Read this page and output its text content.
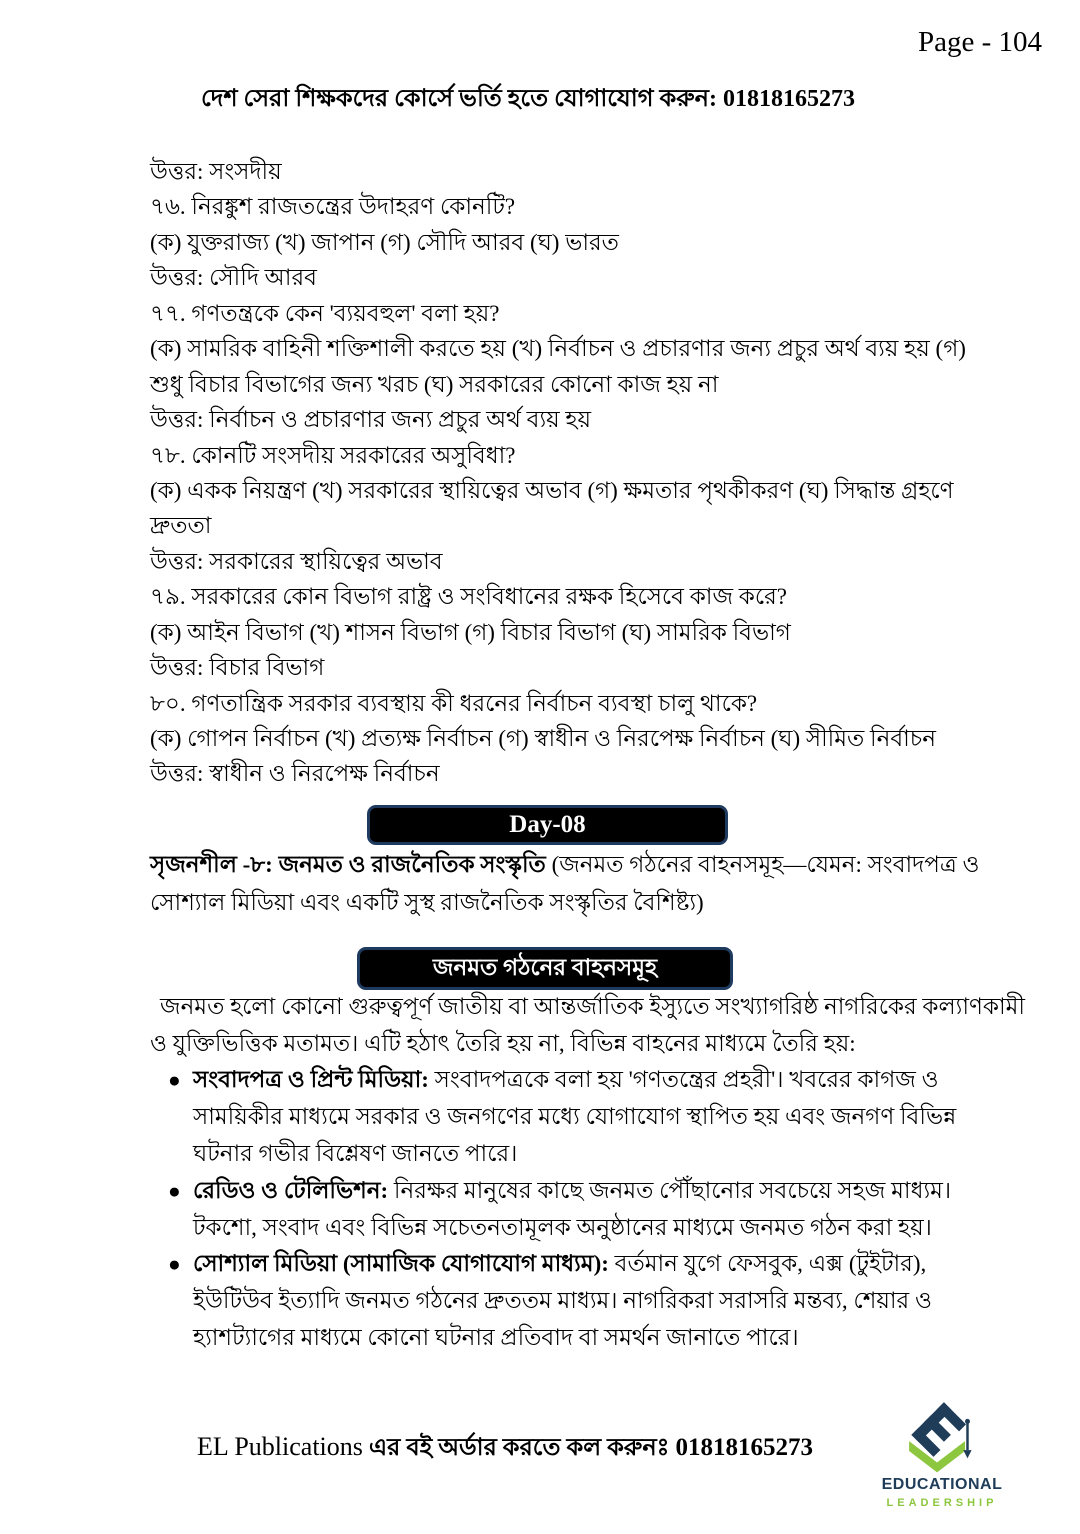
Page - 104
দেশ সেরা শিক্ষকদের কোর্সে ভর্তি হতে যোগাযোগ করুন: 01818165273
উত্তর: সংসদীয়
৭৬. নিরঙ্কুশ রাজতন্ত্রের উদাহরণ কোনটি?
(ক) যুক্তরাজ্য (খ) জাপান (গ) সৌদি আরব (ঘ) ভারত
উত্তর: সৌদি আরব
৭৭. গণতন্ত্রকে কেন 'ব্যয়বহুল' বলা হয়?
(ক) সামরিক বাহিনী শক্তিশালী করতে হয় (খ) নির্বাচন ও প্রচারণার জন্য প্রচুর অর্থ ব্যয় হয় (গ)
শুধু বিচার বিভাগের জন্য খরচ (ঘ) সরকারের কোনো কাজ হয় না
উত্তর: নির্বাচন ও প্রচারণার জন্য প্রচুর অর্থ ব্যয় হয়
৭৮. কোনটি সংসদীয় সরকারের অসুবিধা?
(ক) একক নিয়ন্ত্রণ (খ) সরকারের স্থায়িত্বের অভাব (গ) ক্ষমতার পৃথকীকরণ (ঘ) সিদ্ধান্ত গ্রহণে
দ্রুততা
উত্তর: সরকারের স্থায়িত্বের অভাব
৭৯. সরকারের কোন বিভাগ রাষ্ট্র ও সংবিধানের রক্ষক হিসেবে কাজ করে?
(ক) আইন বিভাগ (খ) শাসন বিভাগ (গ) বিচার বিভাগ (ঘ) সামরিক বিভাগ
উত্তর: বিচার বিভাগ
৮০. গণতান্ত্রিক সরকার ব্যবস্থায় কী ধরনের নির্বাচন ব্যবস্থা চালু থাকে?
(ক) গোপন নির্বাচন (খ) প্রত্যক্ষ নির্বাচন (গ) স্বাধীন ও নিরপেক্ষ নির্বাচন (ঘ) সীমিত নির্বাচন
উত্তর: স্বাধীন ও নিরপেক্ষ নির্বাচন
Day-08
সৃজনশীল -৮: জনমত ও রাজনৈতিক সংস্কৃতি (জনমত গঠনের বাহনসমূহ—যেমন: সংবাদপত্র ও
সোশ্যাল মিডিয়া এবং একটি সুস্থ রাজনৈতিক সংস্কৃতির বৈশিষ্ট্য)
জনমত গঠনের বাহনসমূহ
জনমত হলো কোনো গুরুত্বপূর্ণ জাতীয় বা আন্তর্জাতিক ইস্যুতে সংখ্যাগরিষ্ঠ নাগরিকের কল্যাণকামী
ও যুক্তিভিত্তিক মতামত। এটি হঠাৎ তৈরি হয় না, বিভিন্ন বাহনের মাধ্যমে তৈরি হয়:
● সংবাদপত্র ও প্রিন্ট মিডিয়া: সংবাদপত্রকে বলা হয় 'গণতন্ত্রের প্রহরী'। খবরের কাগজ ও
সাময়িকীর মাধ্যমে সরকার ও জনগণের মধ্যে যোগাযোগ স্থাপিত হয় এবং জনগণ বিভিন্ন
ঘটনার গভীর বিশ্লেষণ জানতে পারে।
● রেডিও ও টেলিভিশন: নিরক্ষর মানুষের কাছে জনমত পৌঁছানোর সবচেয়ে সহজ মাধ্যম।
টকশো, সংবাদ এবং বিভিন্ন সচেতনতামূলক অনুষ্ঠানের মাধ্যমে জনমত গঠন করা হয়।
● সোশ্যাল মিডিয়া (সামাজিক যোগাযোগ মাধ্যম): বর্তমান যুগে ফেসবুক, এক্স (টুইটার),
ইউটিউব ইত্যাদি জনমত গঠনের দ্রুততম মাধ্যম। নাগরিকরা সরাসরি মন্তব্য, শেয়ার ও
হ্যাশট্যাগের মাধ্যমে কোনো ঘটনার প্রতিবাদ বা সমর্থন জানাতে পারে।
EL Publications এর বই অর্ডার করতে কল করুনঃ 01818165273
EDUCATIONAL
LEADERSHIP
